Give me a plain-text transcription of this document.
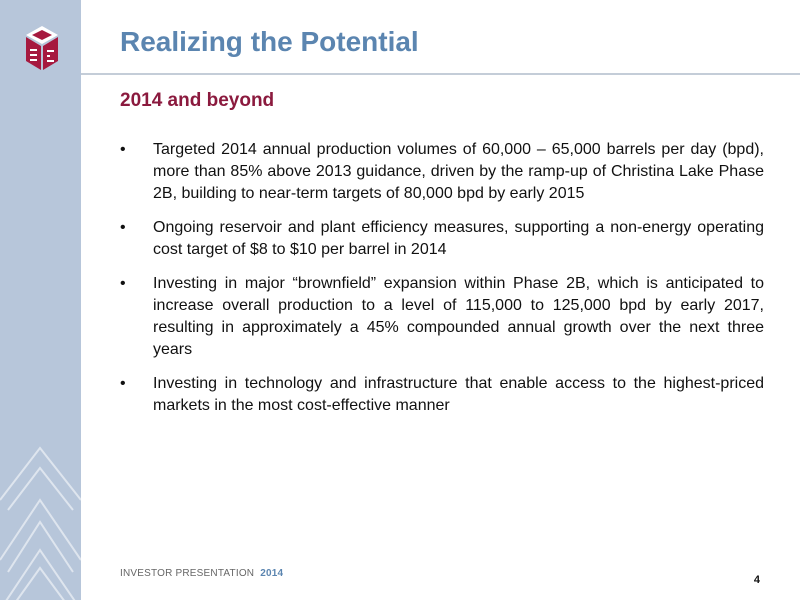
Realizing the Potential
2014 and beyond
• Targeted 2014 annual production volumes of 60,000 – 65,000 barrels per day (bpd), more than 85% above 2013 guidance, driven by the ramp-up of Christina Lake Phase 2B, building to near-term targets of 80,000 bpd by early 2015
• Ongoing reservoir and plant efficiency measures, supporting a non-energy operating cost target of $8 to $10 per barrel in 2014
• Investing in major “brownfield” expansion within Phase 2B, which is anticipated to increase overall production to a level of 115,000 to 125,000 bpd by early 2017, resulting in approximately a 45% compounded annual growth over the next three years
• Investing in technology and infrastructure that enable access to the highest-priced markets in the most cost-effective manner
INVESTOR PRESENTATION 2014
4
